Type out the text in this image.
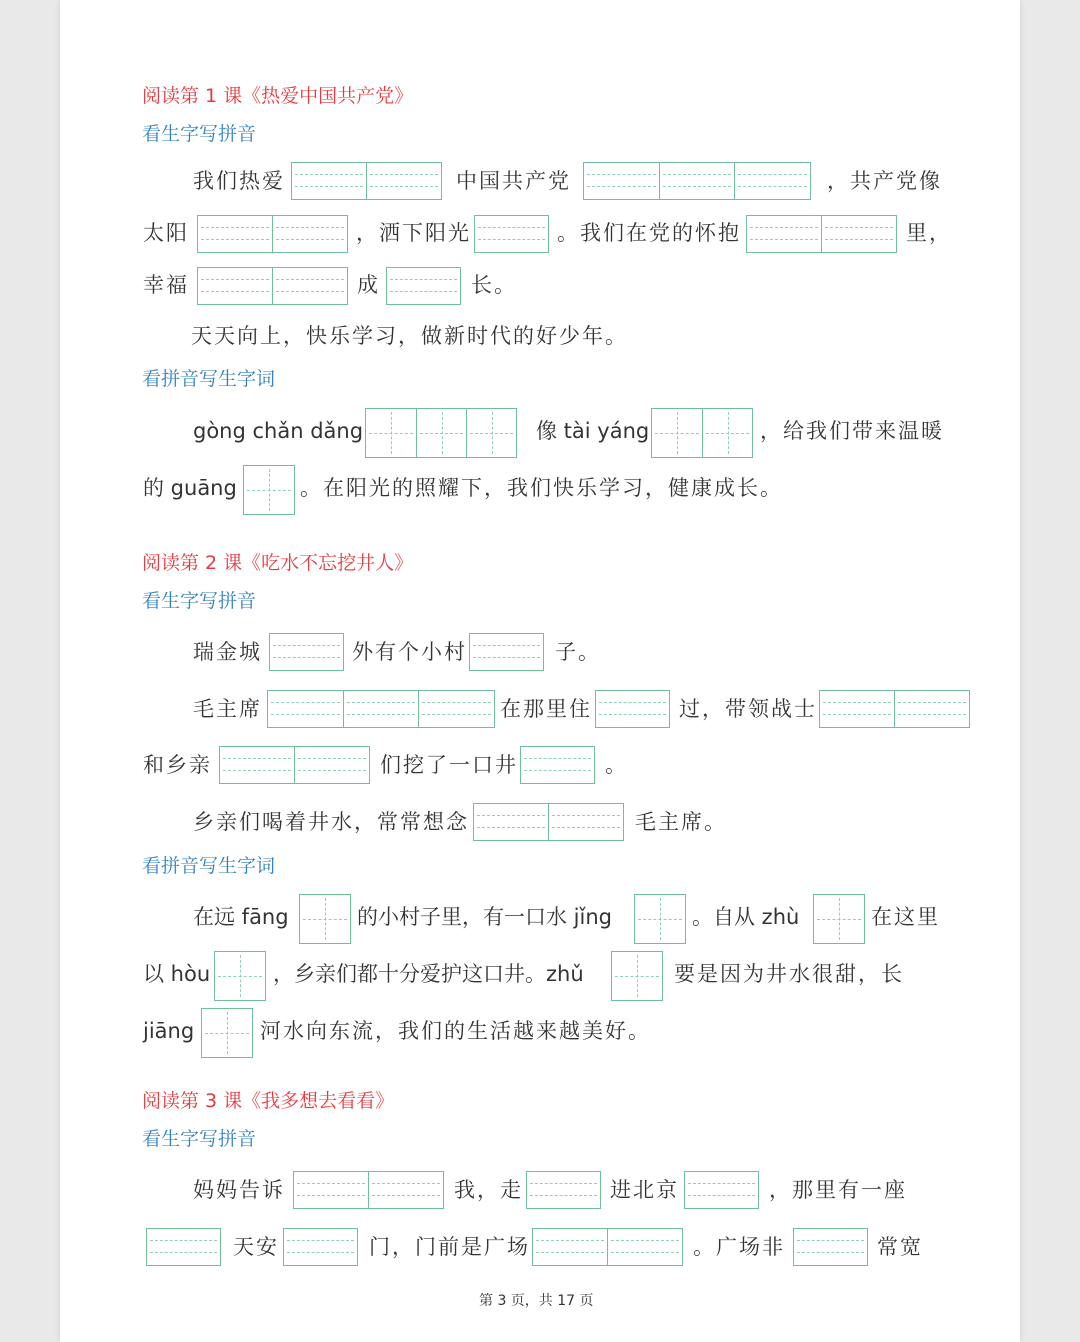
阅读第 1 课《热爱中国共产党》
看生字写拼音
我们热爱	中国共产党	，共产党像
太阳	，洒下阳光	。我们在党的怀抱	里，
幸福	成	长。
天天向上，快乐学习，做新时代的好少年。
看拼音写生字词
gòng chǎn dǎng	像 tài yáng	，给我们带来温暖
的 guāng	。在阳光的照耀下，我们快乐学习，健康成长。
阅读第 2 课《吃水不忘挖井人》
看生字写拼音
瑞金城	外有个小村	子。
毛主席	在那里住	过，带领战士
和乡亲	们挖了一口井	。
乡亲们喝着井水，常常想念	毛主席。
看拼音写生字词
在远 fāng	的小村子里，有一口水 jǐng	。自从 zhù	在这里
以 hòu	，乡亲们都十分爱护这口井。zhǔ	要是因为井水很甜，长
jiāng	河水向东流，我们的生活越来越美好。
阅读第 3 课《我多想去看看》
看生字写拼音
妈妈告诉	我，走	进北京	，那里有一座
天安	门，门前是广场	。广场非	常宽
第 3 页，共 17 页
